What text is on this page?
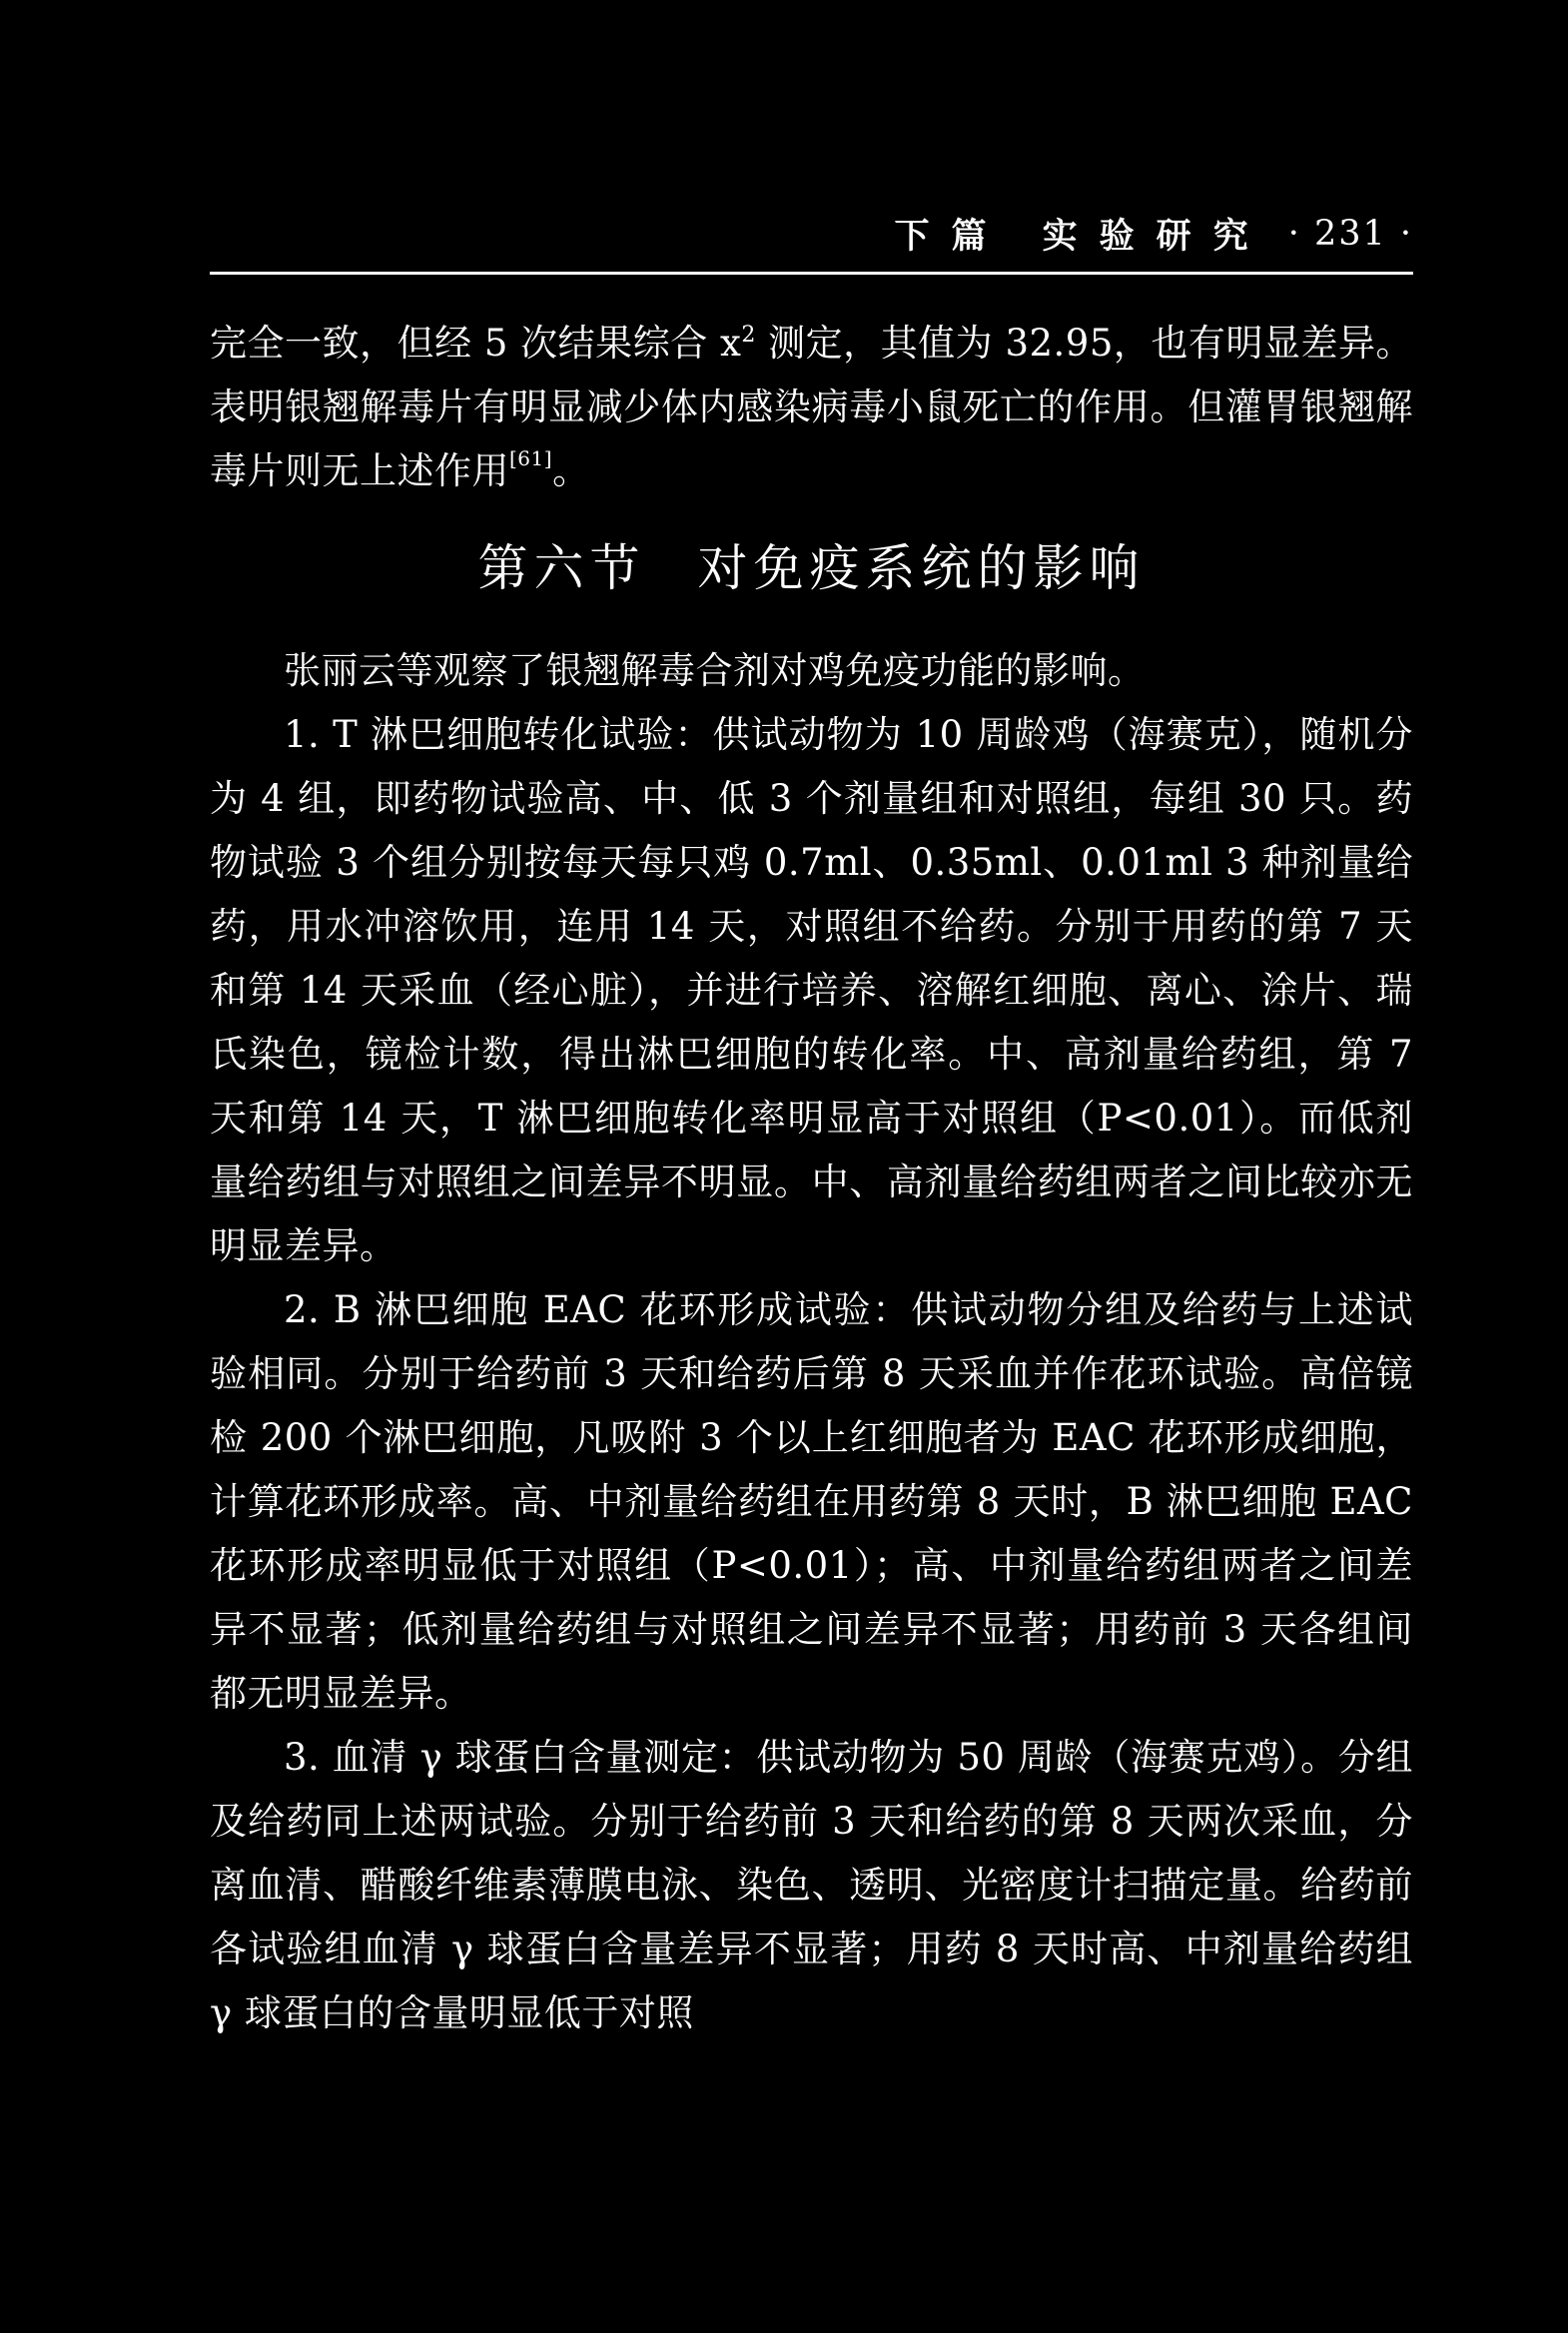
下篇 实验研究 · 231 ·

完全一致，但经 5 次结果综合 $x^2$ 测定，其值为 32.95，也有明显差异。表明银翘解毒片有明显减少体内感染病毒小鼠死亡的作用。但灌胃银翘解毒片则无上述作用[61]。

第六节 对免疫系统的影响

张丽云等观察了银翘解毒合剂对鸡免疫功能的影响。

1. T 淋巴细胞转化试验：供试动物为 10 周龄鸡（海赛克），随机分为 4 组，即药物试验高、中、低 3 个剂量组和对照组，每组 30 只。药物试验 3 个组分别按每天每只鸡 0.7ml、0.35ml、0.01ml 3 种剂量给药，用水冲溶饮用，连用 14 天，对照组不给药。分别于用药的第 7 天和第 14 天采血（经心脏），并进行培养、溶解红细胞、离心、涂片、瑞氏染色，镜检计数，得出淋巴细胞的转化率。中、高剂量给药组，第 7 天和第 14 天，T 淋巴细胞转化率明显高于对照组（P<0.01）。而低剂量给药组与对照组之间差异不明显。中、高剂量给药组两者之间比较亦无明显差异。

2. B 淋巴细胞 EAC 花环形成试验：供试动物分组及给药与上述试验相同。分别于给药前 3 天和给药后第 8 天采血并作花环试验。高倍镜检 200 个淋巴细胞，凡吸附 3 个以上红细胞者为 EAC 花环形成细胞，计算花环形成率。高、中剂量给药组在用药第 8 天时，B 淋巴细胞 EAC 花环形成率明显低于对照组（P<0.01）；高、中剂量给药组两者之间差异不显著；低剂量给药组与对照组之间差异不显著；用药前 3 天各组间都无明显差异。

3. 血清 γ 球蛋白含量测定：供试动物为 50 周龄（海赛克鸡）。分组及给药同上述两试验。分别于给药前 3 天和给药的第 8 天两次采血，分离血清、醋酸纤维素薄膜电泳、染色、透明、光密度计扫描定量。给药前各试验组血清 γ 球蛋白含量差异不显著；用药 8 天时高、中剂量给药组 γ 球蛋白的含量明显低于对照
